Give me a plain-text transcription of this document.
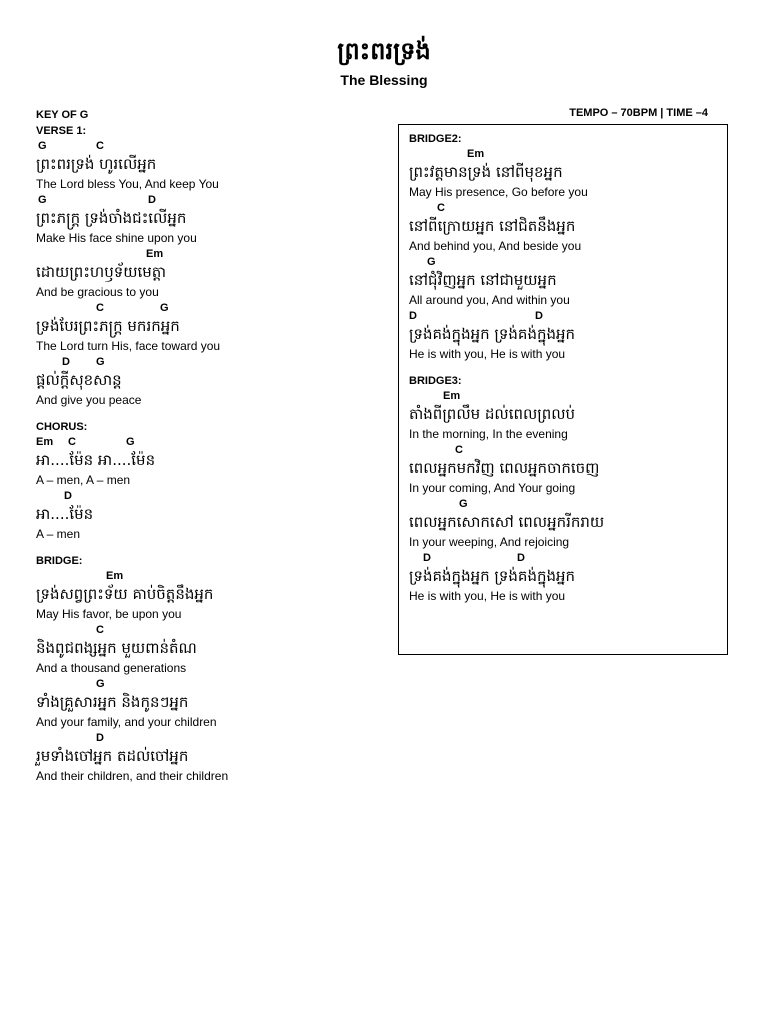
ព្រះពរទ្រង់
The Blessing
TEMPO – 70BPM | TIME –4
KEY OF G
VERSE 1:
G	C
ព្រះពរទ្រង់ ហូរលើអ្នក
The Lord bless You, And keep You
G	D
ព្រះភក្ត្រ ទ្រង់ចាំងជះលើអ្នក
Make His face shine upon you
Em
ដោយព្រះហឫទ័យមេត្តា
And be gracious to you
C	G
ទ្រង់បែរព្រះភក្ត្រ មករកអ្នក
The Lord turn His, face toward you
D G
ផ្ដល់ក្ដីសុខសាន្ត
And give you peace
CHORUS:
Em C	G
អា....ម៉ែន អា....ម៉ែន
A – men, A – men
D
អា....ម៉ែន
A – men
BRIDGE:
Em
ទ្រង់សព្វព្រះទ័យ គាប់ចិត្តនឹងអ្នក
May His favor, be upon you
C
និងពូជពង្សអ្នក មួយពាន់តំណ
And a thousand generations
G
ទាំងគ្រួសារអ្នក និងកូនៗអ្នក
And your family, and your children
D
រួមទាំងចៅអ្នក តដល់ចៅអ្នក
And their children, and their children
BRIDGE2:
Em
ព្រះវត្តមានទ្រង់ នៅពីមុខអ្នក
May His presence, Go before you
C
នៅពីក្រោយអ្នក នៅជិតនឹងអ្នក
And behind you, And beside you
G
នៅជុំវិញអ្នក នៅជាមួយអ្នក
All around you, And within you
D	D
ទ្រង់គង់ក្នុងអ្នក ទ្រង់គង់ក្នុងអ្នក
He is with you, He is with you
BRIDGE3:
Em
តាំងពីព្រលឹម ដល់ពេលព្រលប់
In the morning, In the evening
C
ពេលអ្នកមកវិញ ពេលអ្នកចាកចេញ
In your coming, And Your going
G
ពេលអ្នកសោកសៅ ពេលអ្នករីករាយ
In your weeping, And rejoicing
D	D
ទ្រង់គង់ក្នុងអ្នក ទ្រង់គង់ក្នុងអ្នក
He is with you, He is with you
